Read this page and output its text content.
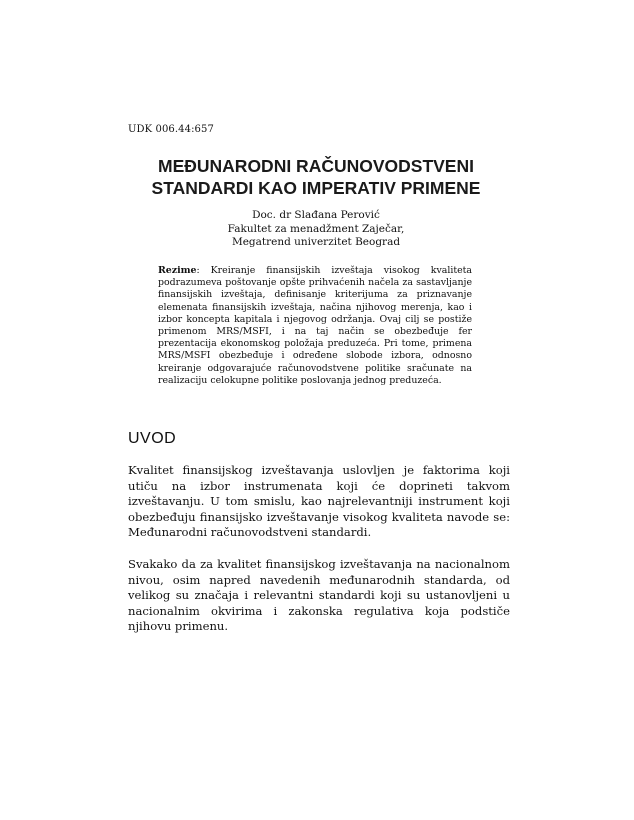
UDK 006.44:657
MEĐUNARODNI RAČUNOVODSTVENI
STANDARDI KAO IMPERATIV PRIMENE
Doc. dr Slađana Perović
Fakultet za menadžment Zaječar,
Megatrend univerzitet Beograd

Rezime: Kreiranje finansijskih izveštaja visokog kvaliteta podrazumeva poštovanje opšte prihvaćenih načela za sastavljanje finansijskih izveštaja, definisanje kriterijuma za priznavanje elemenata finansijskih izveštaja, načina njihovog merenja, kao i izbor koncepta kapitala i njegovog održanja. Ovaj cilj se postiže primenom MRS/MSFI, i na taj način se obezbeđuje fer prezentacija ekonomskog položaja preduzeća. Pri tome, primena MRS/MSFI obezbeđuje i određene slobode izbora, odnosno kreiranje odgovarajuće računovodstvene politike sračunate na realizaciju celokupne politike poslovanja jednog preduzeća.

UVOD

Kvalitet finansijskog izveštavanja uslovljen je faktorima koji utiču na izbor instrumenata koji će doprineti takvom izveštavanju. U tom smislu, kao najrelevantniji instrument koji obezbeđuju finansijsko izveštavanje visokog kvaliteta navode se: Međunarodni računovodstveni standardi.

Svakako da za kvalitet finansijskog izveštavanja na nacionalnom nivou, osim napred navedenih međunarodnih standarda, od velikog su značaja i relevantni standardi koji su ustanovljeni u nacionalnim okvirima i zakonska regulativa koja podstiče njihovu primenu.
